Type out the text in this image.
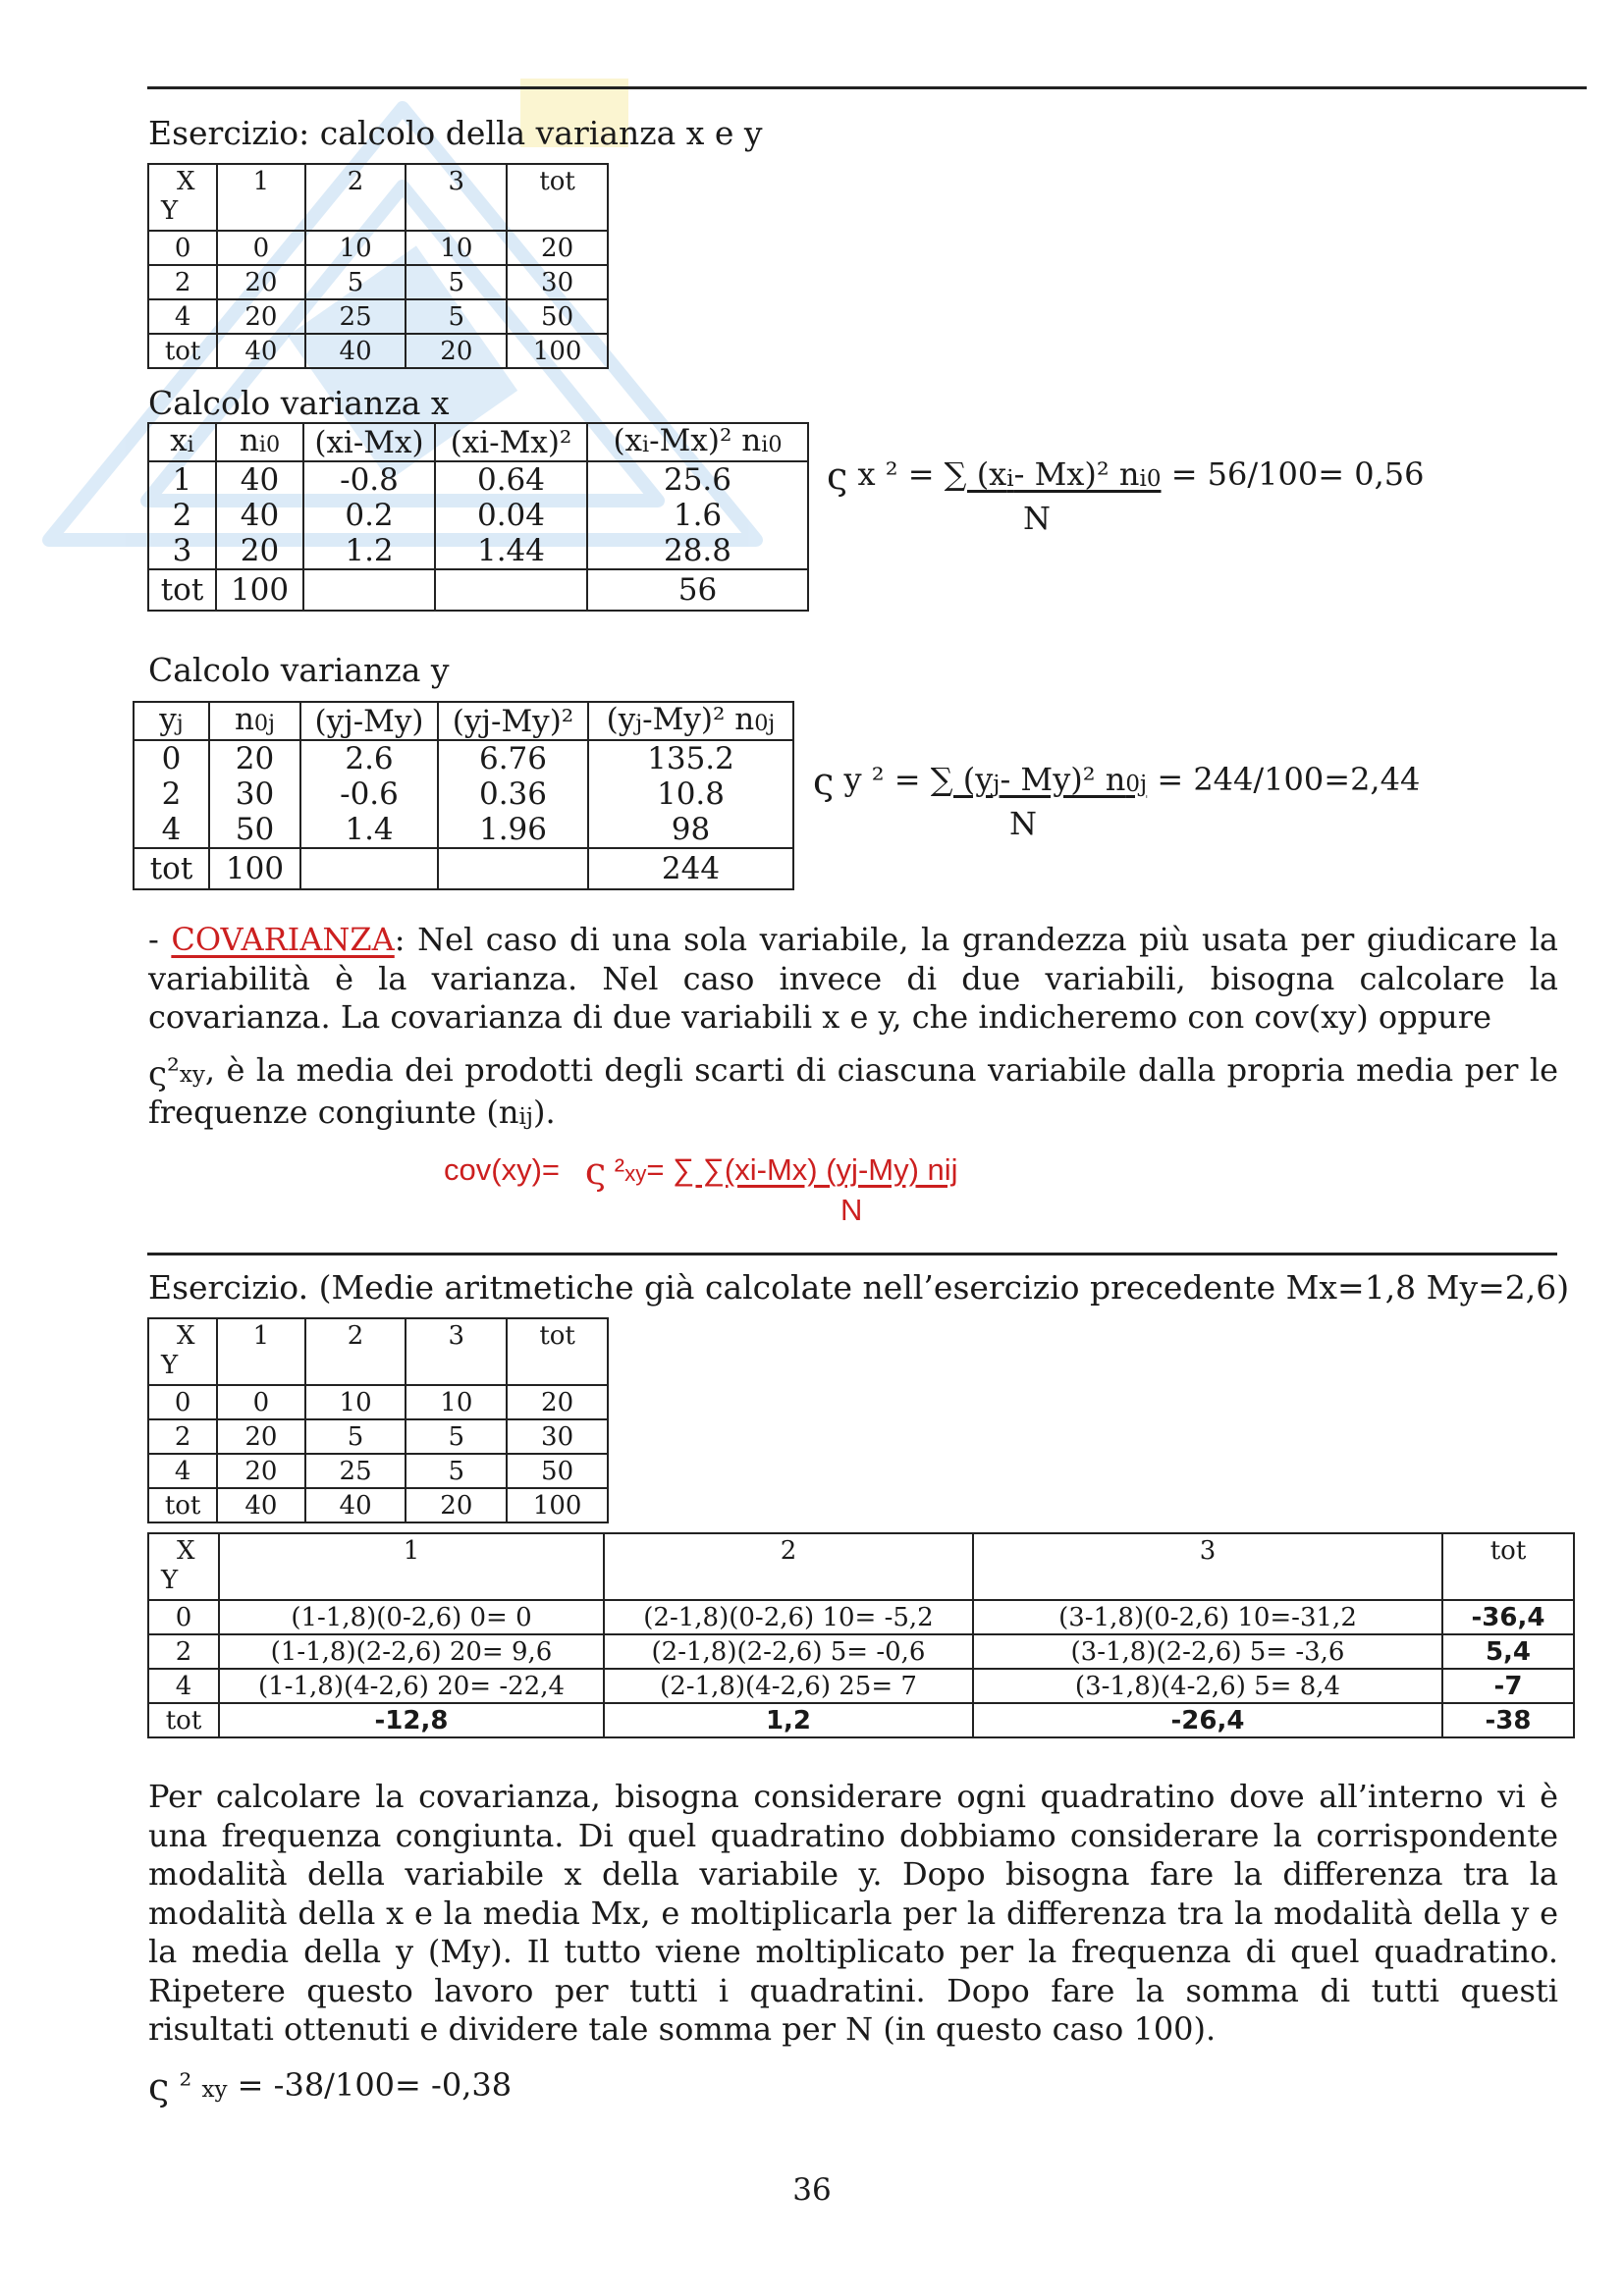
Esercizio: calcolo della varianza x e y
X
Y	1	2	3	tot
0	0	10	10	20
2	20	5	5	30
4	20	25	5	50
tot	40	40	20	100
Calcolo varianza x
$x_i$	$n_{i0}$	(xi-Mx)	(xi-Mx)²	$(x_i-Mx)^2$ $n_{i0}$
1	40	-0.8	0.64	25.6
2	40	0.2	0.04	1.6
3	20	1.2	1.44	28.8
tot	100			56
ς x ² = ∑ ($x_i-$ Mx)² $n_{i0} = 56/100= 0,56$
N
Calcolo varianza y
$y_j$	$n_{0j}$	(yj-My)	(yj-My)²	$(y_j-My)^2$ $n_{0j}$
0	20	2.6	6.76	135.2
2	30	-0.6	0.36	10.8
4	50	1.4	1.96	98
tot	100			244
ς y ² = ∑ ($y_j-$ My)² $n_{0j} = 244/100=2,44$
N
- COVARIANZA: Nel caso di una sola variabile, la grandezza più usata per giudicare la
variabilità è la varianza. Nel caso invece di due variabili, bisogna calcolare la
covarianza. La covarianza di due variabili x e y, che indicheremo con cov(xy) oppure
$\varsigma^2_{xy}$, è la media dei prodotti degli scarti di ciascuna variabile dalla propria media per le
frequenze congiunte $(n_{ij})$.
cov(xy)= ς $^2_{xy}=$ ∑ ∑(xi-Mx) (yj-My) nij
N
Esercizio. (Medie aritmetiche già calcolate nell’esercizio precedente Mx=1,8 My=2,6)
X
Y	1	2	3	tot
0	0	10	10	20
2	20	5	5	30
4	20	25	5	50
tot	40	40	20	100
X
Y	1	2	3	tot
0	(1-1,8)(0-2,6) 0= 0	(2-1,8)(0-2,6) 10= -5,2	(3-1,8)(0-2,6) 10=-31,2	-36,4
2	(1-1,8)(2-2,6) 20= 9,6	(2-1,8)(2-2,6) 5= -0,6	(3-1,8)(2-2,6) 5= -3,6	5,4
4	(1-1,8)(4-2,6) 20= -22,4	(2-1,8)(4-2,6) 25= 7	(3-1,8)(4-2,6) 5= 8,4	-7
tot	-12,8	1,2	-26,4	-38
Per calcolare la covarianza, bisogna considerare ogni quadratino dove all’interno vi è
una frequenza congiunta. Di quel quadratino dobbiamo considerare la corrispondente
modalità della variabile x della variabile y. Dopo bisogna fare la differenza tra la
modalità della x e la media Mx, e moltiplicarla per la differenza tra la modalità della y e
la media della y (My). Il tutto viene moltiplicato per la frequenza di quel quadratino.
Ripetere questo lavoro per tutti i quadratini. Dopo fare la somma di tutti questi
risultati ottenuti e dividere tale somma per N (in questo caso 100).
ς ² $_{xy}$ = -38/100= -0,38
36
